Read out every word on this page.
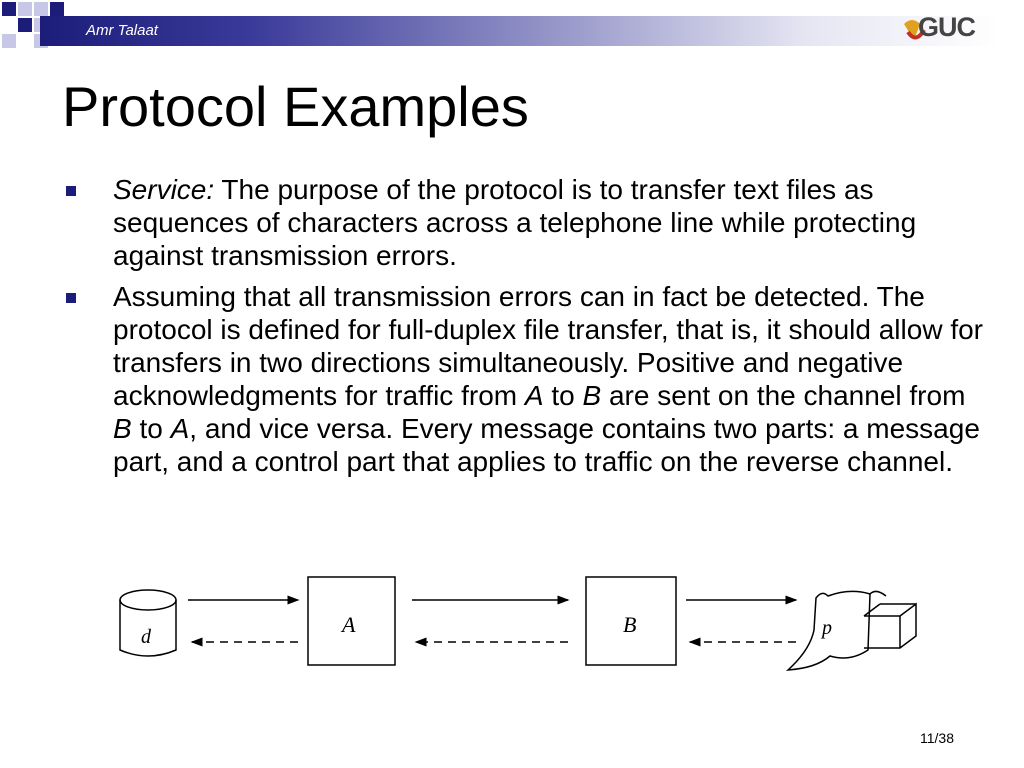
Amr Talaat	GUC
Protocol Examples
Service: The purpose of the protocol is to transfer text files as sequences of characters across a telephone line while protecting against transmission errors.
Assuming that all transmission errors can in fact be detected. The protocol is defined for full-duplex file transfer, that is, it should allow for transfers in two directions simultaneously. Positive and negative acknowledgments for traffic from A to B are sent on the channel from B to A, and vice versa. Every message contains two parts: a message part, and a control part that applies to traffic on the reverse channel.
d	A	B	p
11/38
